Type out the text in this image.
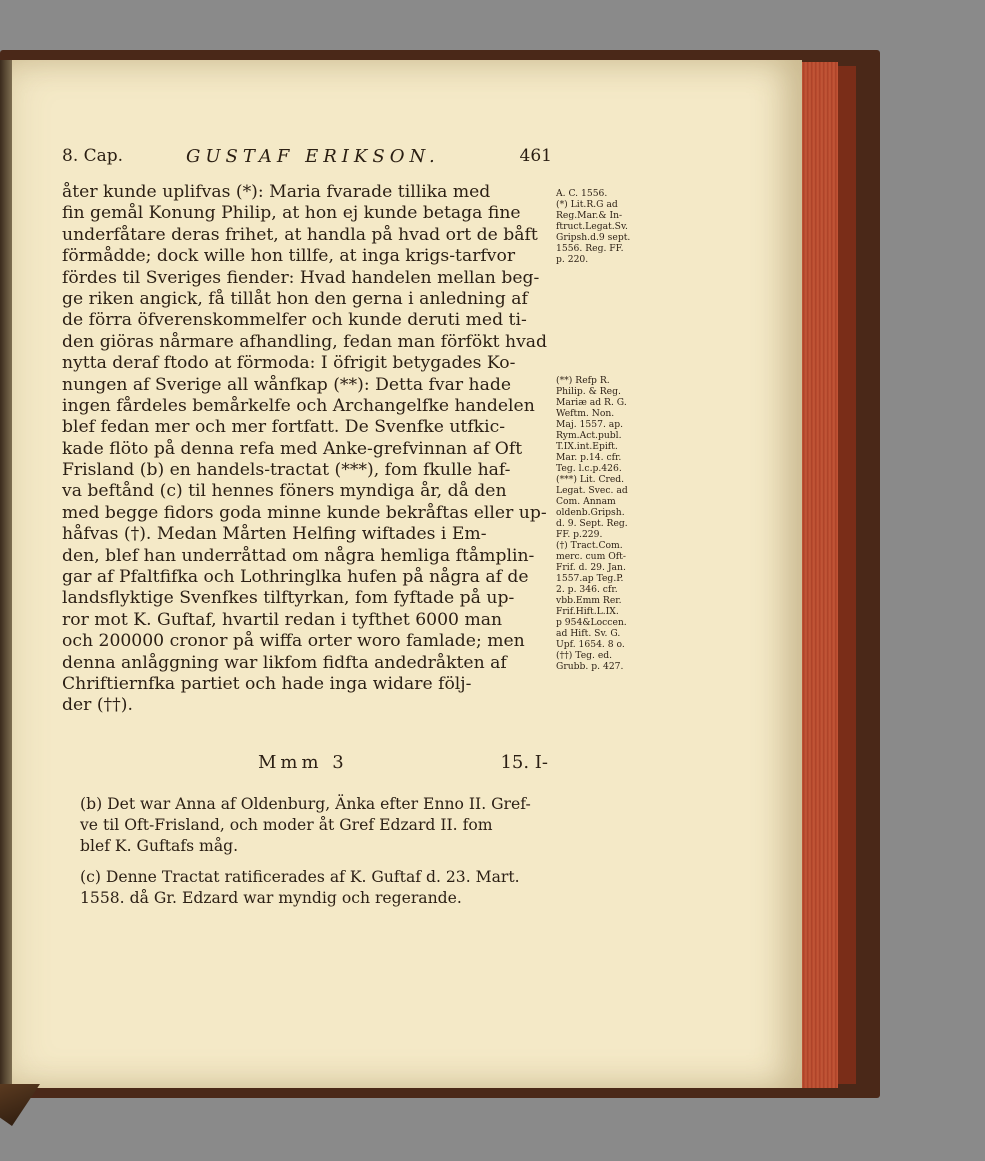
8. Cap.	GUSTAF ERIKSON.	461
åter kunde uplifvas (*): Maria fvarade tillika med
fin gemål Konung Philip, at hon ej kunde betaga fine
underfåtare deras frihet, at handla på hvad ort de båft
förmådde; dock wille hon tillfe, at inga krigs-tarfvor
fördes til Sveriges fiender: Hvad handelen mellan beg-
ge riken angick, få tillåt hon den gerna i anledning af
de förra öfverenskommelfer och kunde deruti med ti-
den giöras nårmare afhandling, fedan man förfökt hvad
nytta deraf ftodo at förmoda: I öfrigit betygades Ko-
nungen af Sverige all wånfkap (**): Detta fvar hade
ingen fårdeles bemårkelfe och Archangelfke handelen
blef fedan mer och mer fortfatt. De Svenfke utfkic-
kade flöto på denna refa med Anke-grefvinnan af Oft
Frisland (b) en handels-tractat (***), fom fkulle haf-
va beftånd (c) til hennes föners myndiga år, då den
med begge fidors goda minne kunde bekråftas eller up-
håfvas (†). Medan Mårten Helfing wiftades i Em-
den, blef han underråttad om några hemliga ftåmplin-
gar af Pfaltfifka och Lothringlka hufen på några af de
landsflyktige Svenfkes tilftyrkan, fom fyftade på up-
ror mot K. Guftaf, hvartil redan i tyfthet 6000 man
och 200000 cronor på wiffa orter woro famlade; men
denna anlåggning war likfom fidfta andedråkten af
Chriftiernfka partiet och hade inga widare följ-
der (††).
A. C. 1556.
(*) Lit.R.G ad
Reg.Mar.& In-
ftruct.Legat.Sv.
Gripsh.d.9 sept.
1556. Reg. FF.
p. 220.
(**) Refp R.
Philip. & Reg.
Mariæ ad R. G.
Weftm. Non.
Maj. 1557. ap.
Rym.Act.publ.
T.IX.int.Epift.
Mar. p.14. cfr.
Teg. l.c.p.426.
(***) Lit. Cred.
Legat. Svec. ad
Com. Annam
oldenb.Gripsh.
d. 9. Sept. Reg.
FF. p.229.
(†) Tract.Com.
merc. cum Oft-
Frif. d. 29. Jan.
1557.ap Teg.P.
2. p. 346. cfr.
vbb.Emm Rer.
Frif.Hift.L.IX.
p 954&Loccen.
ad Hift. Sv. G.
Upf. 1654. 8 o.
(††) Teg. ed.
Grubb. p. 427.
Mmm 3	15. I-
(b) Det war Anna af Oldenburg, Änka efter Enno II. Gref-
ve til Oft-Frisland, och moder åt Gref Edzard II. fom
blef K. Guftafs måg.
(c) Denne Tractat ratificerades af K. Guftaf d. 23. Mart.
1558. då Gr. Edzard war myndig och regerande.
